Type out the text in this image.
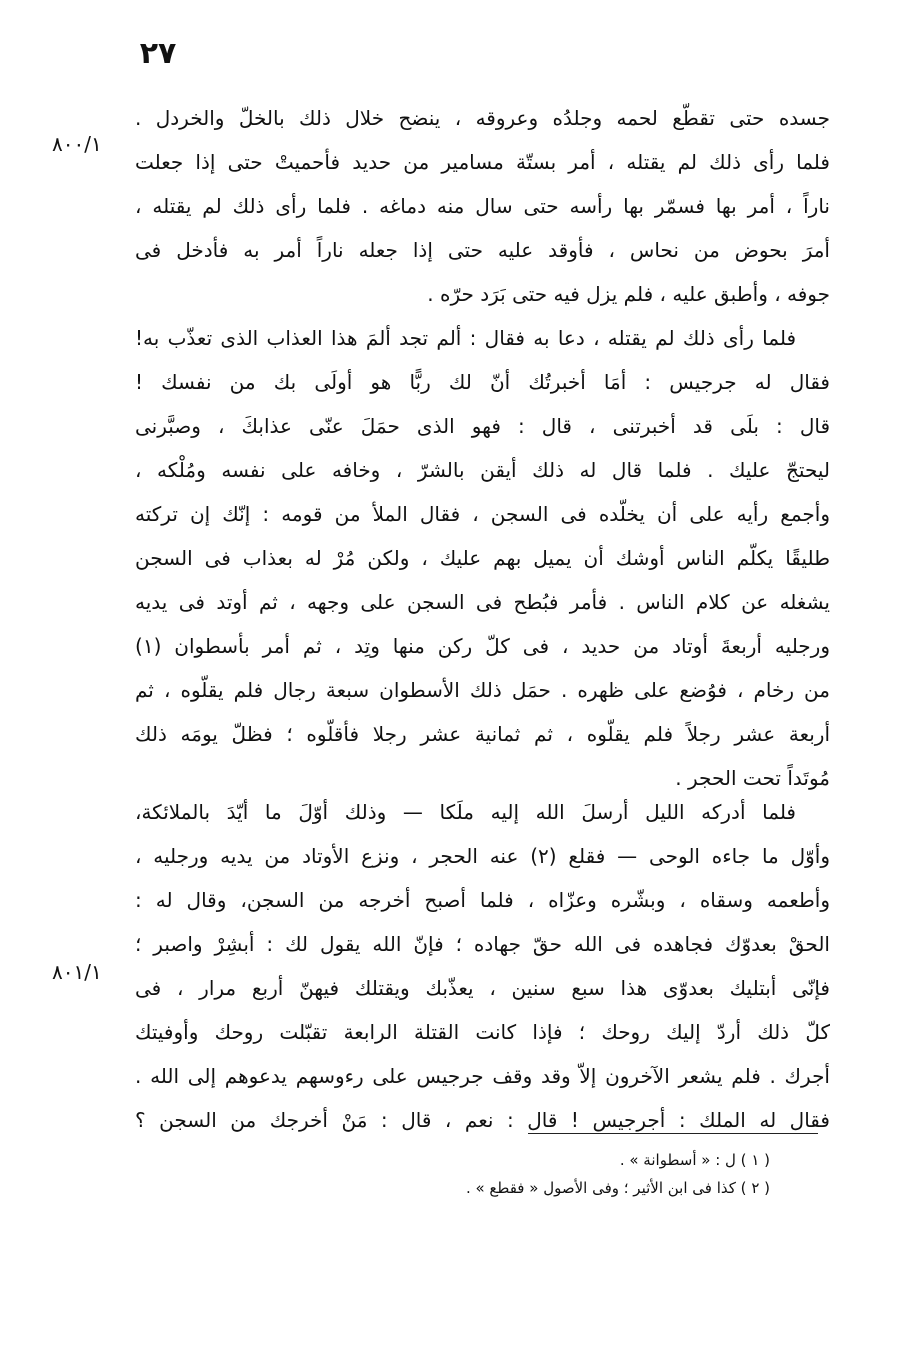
٢٧
٨٠٠/١
٨٠١/١
جسده حتى تقطّع لحمه وجلدُه وعروقه ، ينضح خلال ذلك بالخلّ والخردل .
فلما رأى ذلك لم يقتله ، أمر بستّة مسامير من حديد فأحميتْ حتى إذا جعلت
ناراً ، أمر بها فسمّر بها رأسه حتى سال منه دماغه . فلما رأى ذلك لم يقتله ،
أمرَ بحوض من نحاس ، فأوقد عليه حتى إذا جعله ناراً أمر به فأدخل فى
جوفه ، وأطبق عليه ، فلم يزل فيه حتى بَرَد حرّه .
فلما رأى ذلك لم يقتله ، دعا به فقال : ألم تجد ألمَ هذا العذاب الذى تعذّب به!
فقال له جرجيس : أمَا أخبرتُك أنّ لك ربًّا هو أولَى بك من نفسك !
قال : بلَى قد أخبرتنى ، قال : فهو الذى حمَلَ عنّى عذابكَ ، وصبَّرنى
ليحتجّ عليك . فلما قال له ذلك أيقن بالشرّ ، وخافه على نفسه ومُلْكه ،
وأجمع رأيه على أن يخلّده فى السجن ، فقال الملأ من قومه : إنّك إن تركته
طليقًا يكلّم الناس أوشك أن يميل بهم عليك ، ولكن مُرْ له بعذاب فى السجن
يشغله عن كلام الناس . فأمر فبُطح فى السجن على وجهه ، ثم أوتد فى يديه
ورجليه أربعةَ أوتاد من حديد ، فى كلّ ركن منها وتِد ، ثم أمر بأسطوان (١)
من رخام ، فوُضع على ظهره . حمَل ذلك الأسطوان سبعة رجال فلم يقلّوه ، ثم
أربعة عشر رجلاً فلم يقلّوه ، ثم ثمانية عشر رجلا فأقلّوه ؛ فظلّ يومَه ذلك
مُوتَداً تحت الحجر .
فلما أدركه الليل أرسلَ الله إليه ملَكا — وذلك أوّلَ ما أيّدَ بالملائكة،
وأوّل ما جاءه الوحى — فقلع (٢) عنه الحجر ، ونزع الأوتاد من يديه ورجليه ،
وأطعمه وسقاه ، وبشّره وعزّاه ، فلما أصبح أخرجه من السجن، وقال له :
الحقْ بعدوّك فجاهده فى الله حقّ جهاده ؛ فإنّ الله يقول لك : أبشِرْ واصبر ؛
فإنّى أبتليك بعدوّى هذا سبع سنين ، يعذّبك ويقتلك فيهنّ أربع مرار ، فى
كلّ ذلك أردّ إليك روحك ؛ فإذا كانت القتلة الرابعة تقبّلت روحك وأوفيتك
أجرك . فلم يشعر الآخرون إلاّ وقد وقف جرجيس على رءوسهم يدعوهم إلى الله .
فقال له الملك : أجرجيس ! قال : نعم ، قال : مَنْ أخرجك من السجن ؟
( ١ ) ل : « أسطوانة » .
( ٢ ) كذا فى ابن الأثير ؛ وفى الأصول « فقطع » .
